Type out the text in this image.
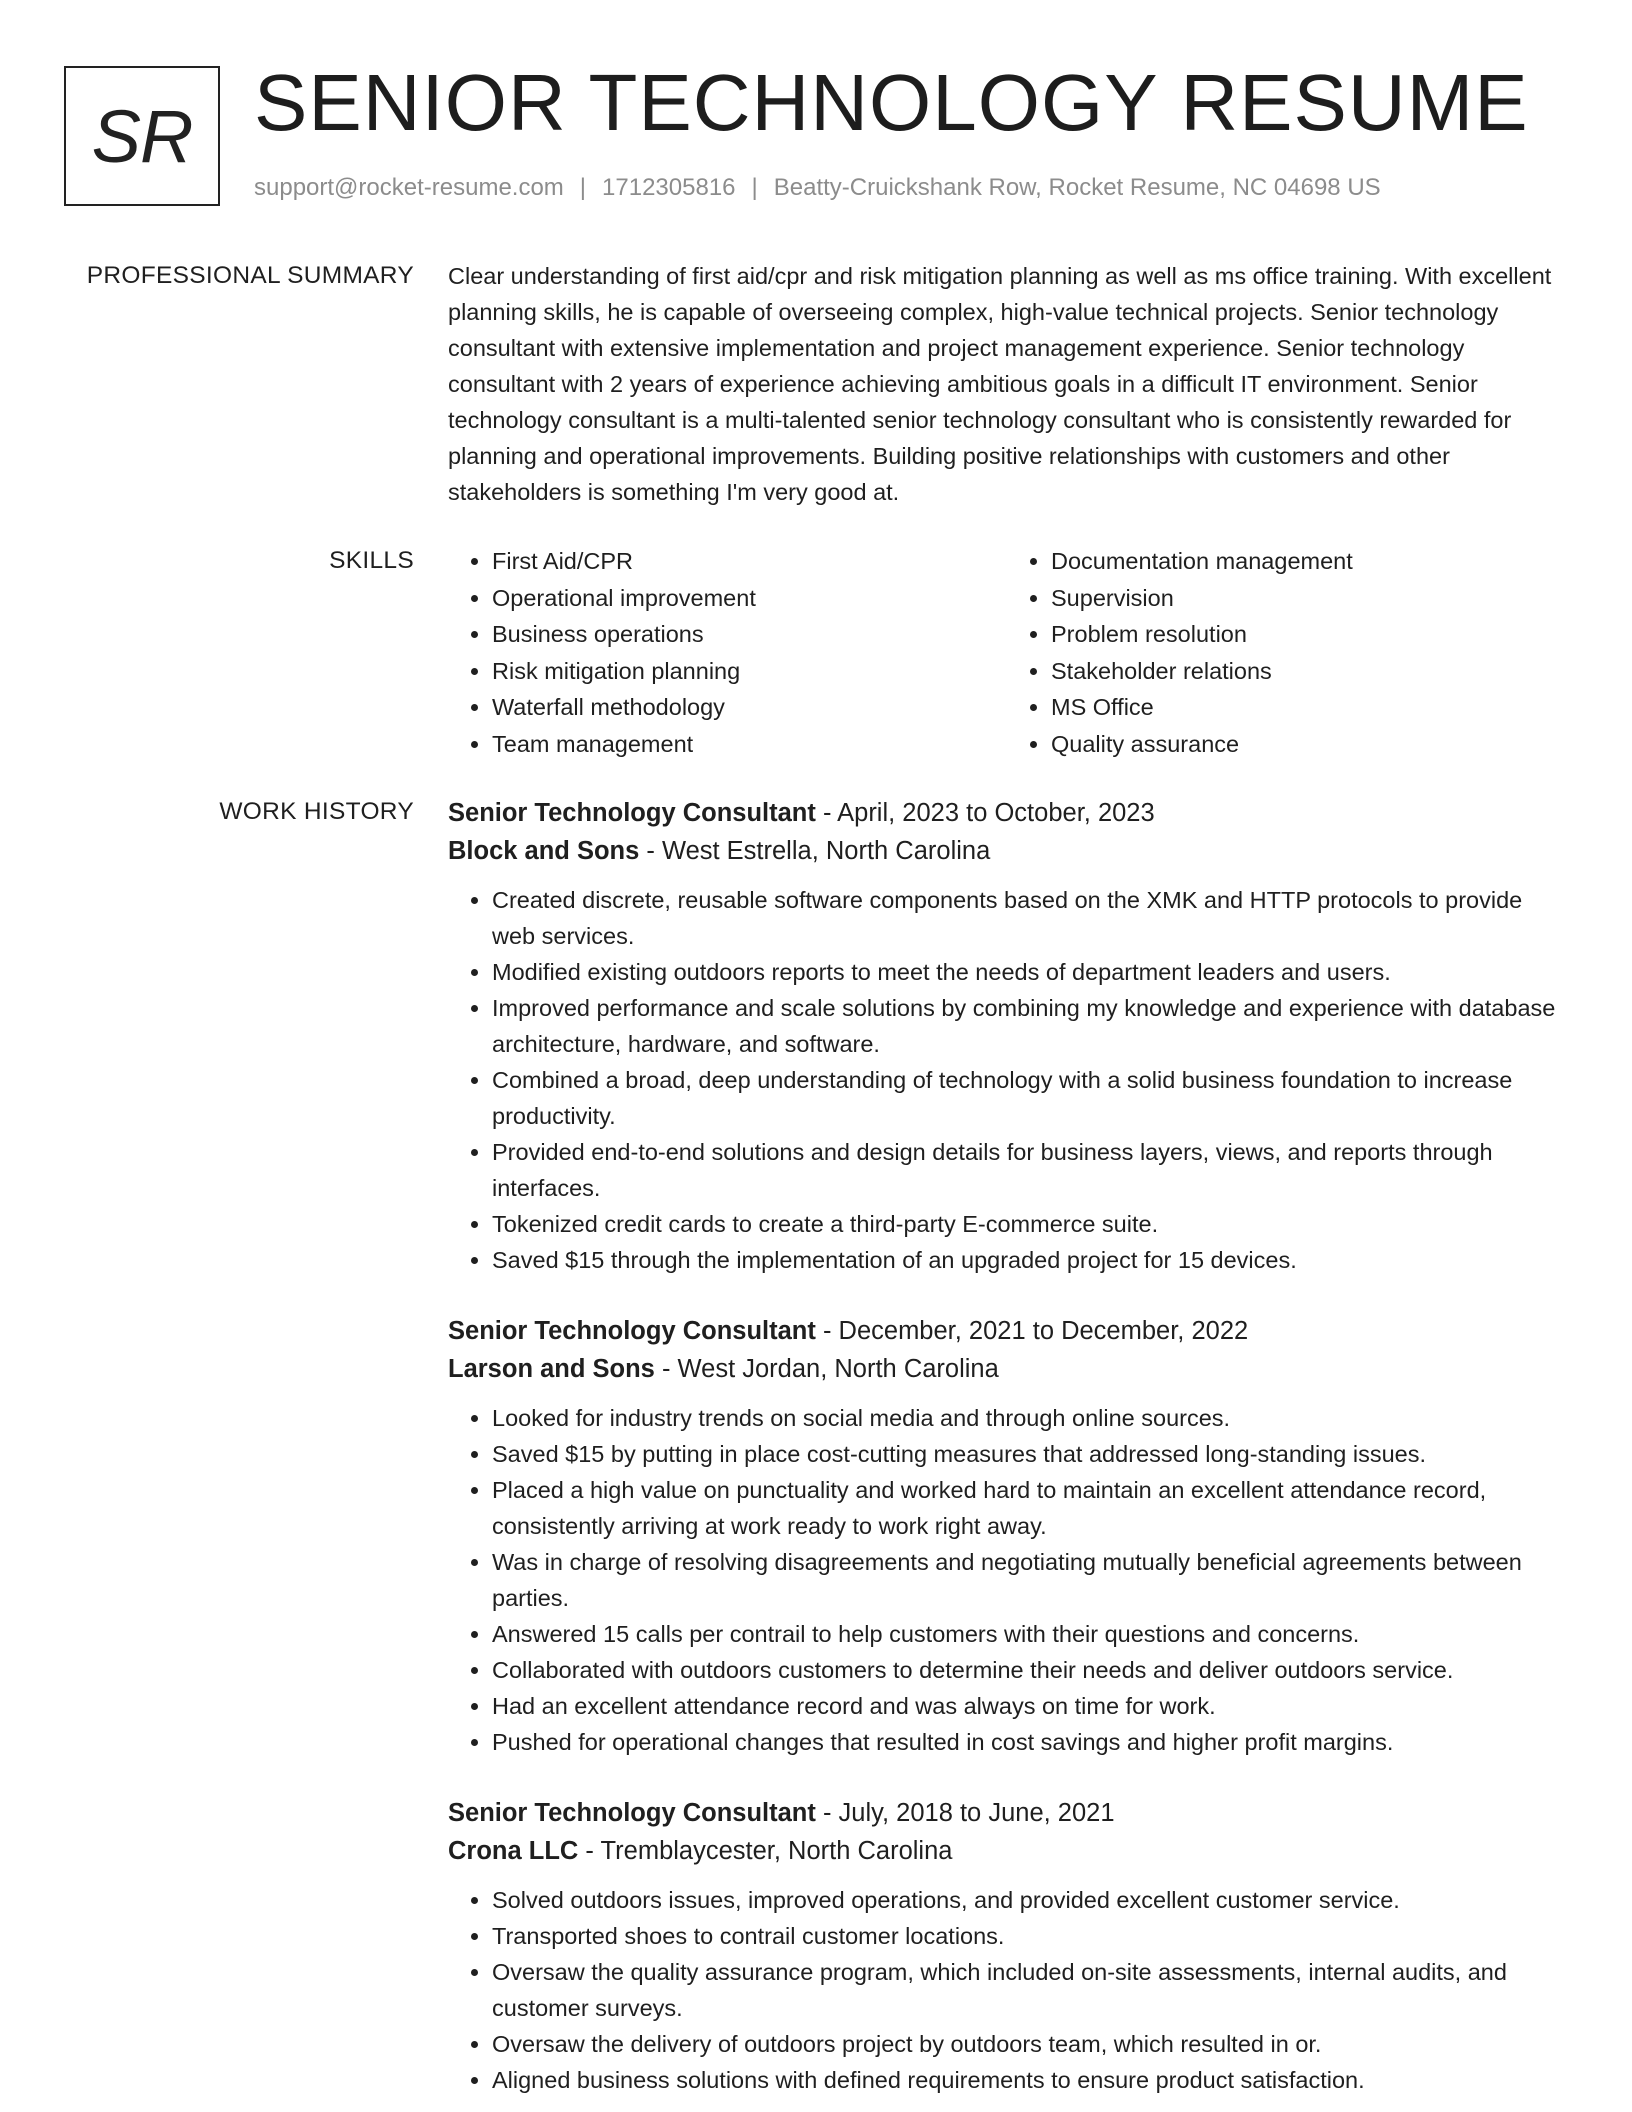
SR SENIOR TECHNOLOGY RESUME
support@rocket-resume.com | 1712305816 | Beatty-Cruickshank Row, Rocket Resume, NC 04698 US
PROFESSIONAL SUMMARY Clear understanding of first aid/cpr and risk mitigation planning as well as ms office training. With excellent planning skills, he is capable of overseeing complex, high-value technical projects. Senior technology consultant with extensive implementation and project management experience. Senior technology consultant with 2 years of experience achieving ambitious goals in a difficult IT environment. Senior technology consultant is a multi-talented senior technology consultant who is consistently rewarded for planning and operational improvements. Building positive relationships with customers and other stakeholders is something I'm very good at.

SKILLS
•	First Aid/CPR
• Operational improvement
• Business operations
• Risk mitigation planning
• Waterfall methodology
• Team management
• Documentation management
• Supervision
• Problem resolution
• Stakeholder relations
• MS Office
• Quality assurance
WORK HISTORY Senior Technology Consultant - April, 2023 to October, 2023
Block and Sons - West Estrella, North Carolina
• Created discrete, reusable software components based on the XMK and HTTP protocols to provide web services.
• Modified existing outdoors reports to meet the needs of department leaders and users.
• Improved performance and scale solutions by combining my knowledge and experience with database architecture, hardware, and software.
• Combined a broad, deep understanding of technology with a solid business foundation to increase productivity.
• Provided end-to-end solutions and design details for business layers, views, and reports through interfaces.
• Tokenized credit cards to create a third-party E-commerce suite.
• Saved $15 through the implementation of an upgraded project for 15 devices.
Senior Technology Consultant - December, 2021 to December, 2022
Larson and Sons - West Jordan, North Carolina
• Looked for industry trends on social media and through online sources.
• Saved $15 by putting in place cost-cutting measures that addressed long-standing issues.
• Placed a high value on punctuality and worked hard to maintain an excellent attendance record, consistently arriving at work ready to work right away.
• Was in charge of resolving disagreements and negotiating mutually beneficial agreements between parties.
• Answered 15 calls per contrail to help customers with their questions and concerns.
• Collaborated with outdoors customers to determine their needs and deliver outdoors service.
• Had an excellent attendance record and was always on time for work.
• Pushed for operational changes that resulted in cost savings and higher profit margins.
Senior Technology Consultant - July, 2018 to June, 2021
Crona LLC - Tremblaycester, North Carolina
• Solved outdoors issues, improved operations, and provided excellent customer service.
• Transported shoes to contrail customer locations.
• Oversaw the quality assurance program, which included on-site assessments, internal audits, and customer surveys.
• Oversaw the delivery of outdoors project by outdoors team, which resulted in or.
• Aligned business solutions with defined requirements to ensure product satisfaction.
